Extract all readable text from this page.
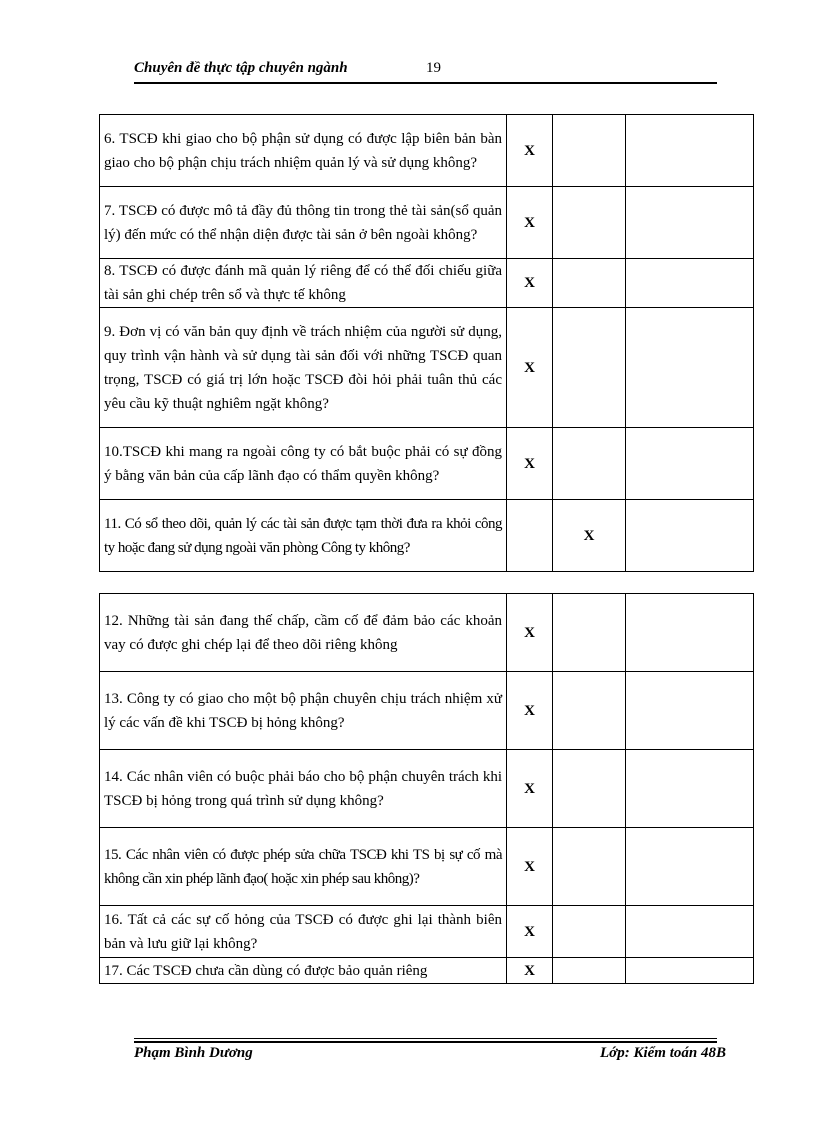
Chuyên đề thực tập chuyên ngành	19
6. TSCĐ khi giao cho bộ phận sử dụng có được lập biên bản bàn giao cho bộ phận chịu trách nhiệm quản lý và sử dụng không?	X		
7. TSCĐ có được mô tả đầy đủ thông tin trong thẻ tài sản(sổ quản lý) đến mức có thể nhận diện được tài sản ở bên ngoài không?	X		
8. TSCĐ có được đánh mã quản lý riêng để có thể đối chiếu giữa tài sản ghi chép trên sổ và thực tế không	X		
9. Đơn vị có văn bản quy định về trách nhiệm của người sử dụng, quy trình vận hành và sử dụng tài sản đối với những TSCĐ quan trọng, TSCĐ có giá trị lớn hoặc TSCĐ đòi hỏi phải tuân thủ các yêu cầu kỹ thuật nghiêm ngặt không?	X		
10.TSCĐ khi mang ra ngoài công ty có bắt buộc phải có sự đồng ý bằng văn bản của cấp lãnh đạo có thẩm quyền không?	X		
11. Có sổ theo dõi, quản lý các tài sản được tạm thời đưa ra khỏi công ty hoặc đang sử dụng ngoài văn phòng Công ty không?		X	
12. Những tài sản đang thế chấp, cầm cố để đảm bảo các khoản vay có được ghi chép lại để theo dõi riêng không	X		
13. Công ty có giao cho một bộ phận chuyên chịu trách nhiệm xử lý các vấn đề khi TSCĐ bị hỏng không?	X		
14. Các nhân viên có buộc phải báo cho bộ phận chuyên trách khi TSCĐ bị hỏng trong quá trình sử dụng không?	X		
15. Các nhân viên có được phép sửa chữa TSCĐ khi TS bị sự cố mà không cần xin phép lãnh đạo( hoặc xin phép sau không)?	X		
16. Tất cả các sự cố hỏng của TSCĐ có được ghi lại thành biên bản và lưu giữ lại không?	X		
17. Các TSCĐ chưa cần dùng có được bảo quản riêng	X		
Phạm Bình Dương	Lớp: Kiểm toán 48B
